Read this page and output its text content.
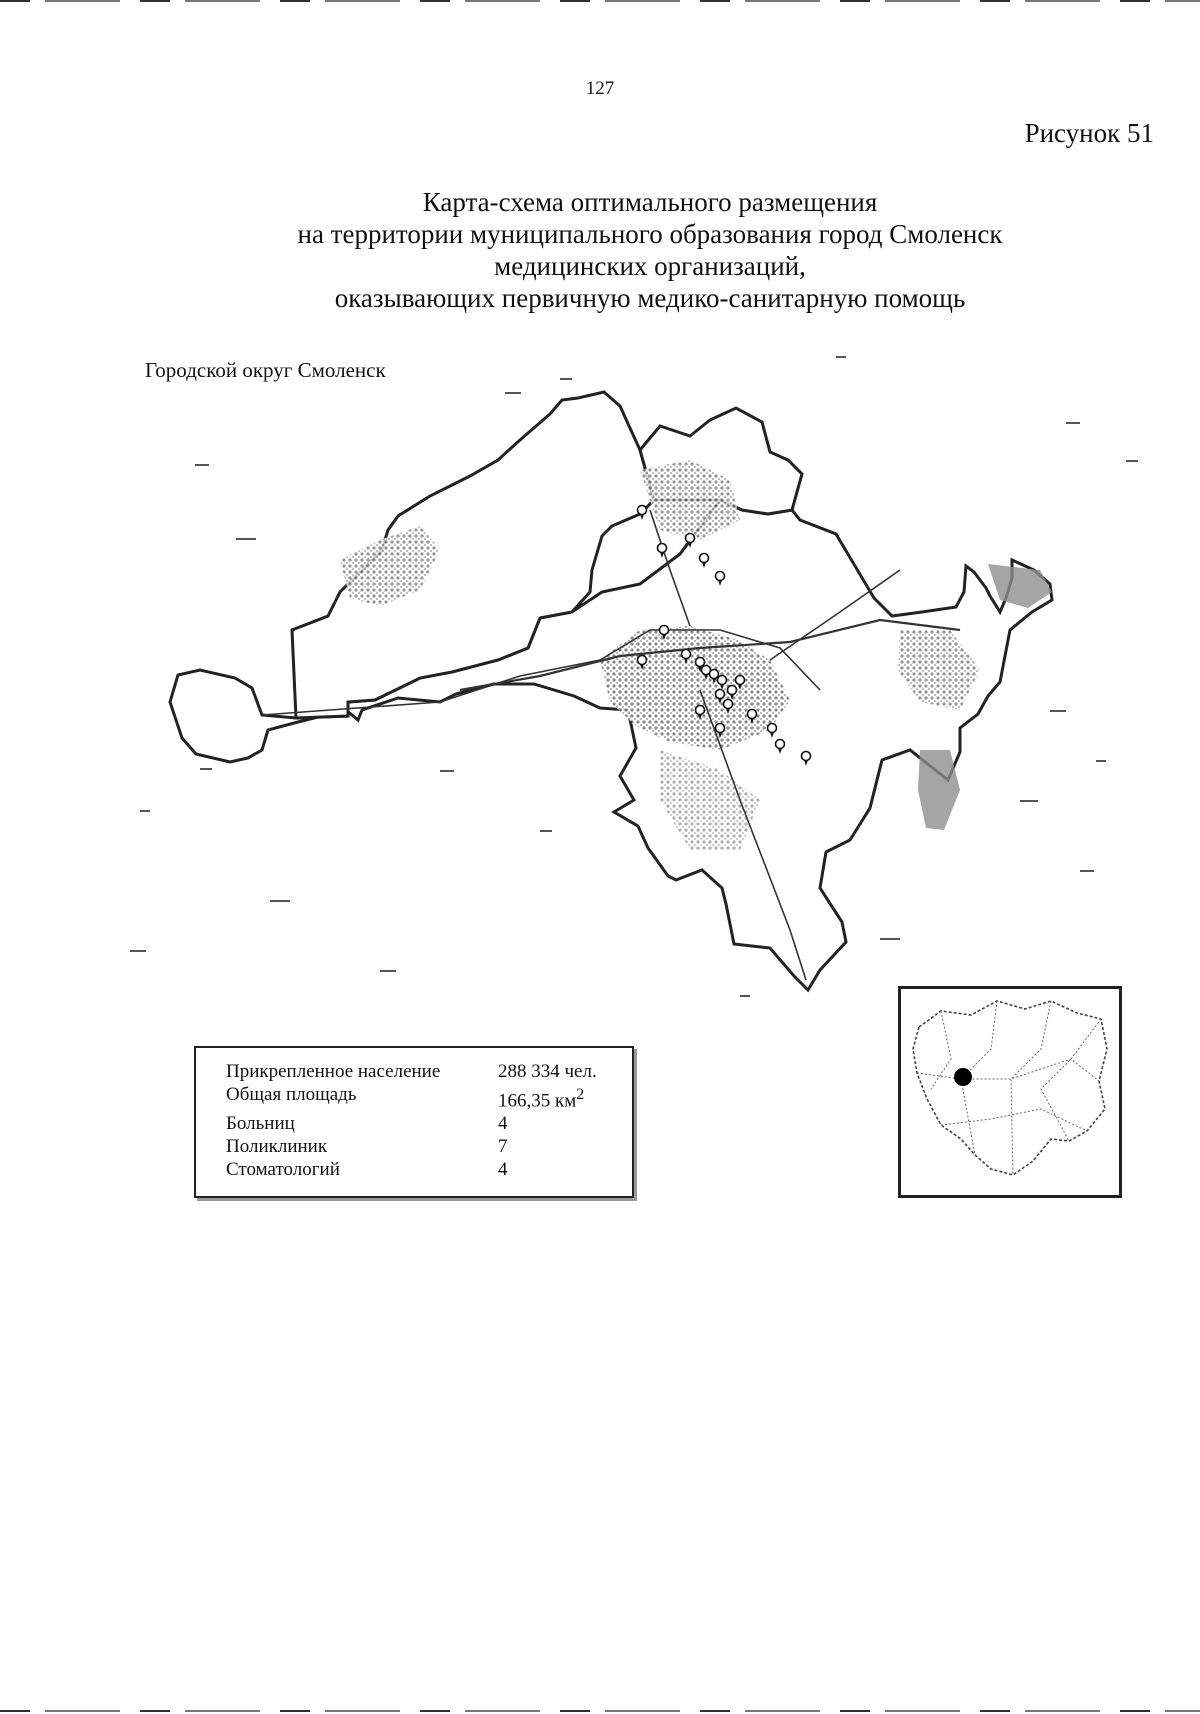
127
Рисунок 51
Карта-схема оптимального размещения
на территории муниципального образования город Смоленск
медицинских организаций,
оказывающих первичную медико-санитарную помощь
Городской округ Смоленск
Прикрепленное население	288 334 чел.
Общая площадь	166,35 $км^2$
Больниц	4
Поликлиник	7
Стоматологий	4
